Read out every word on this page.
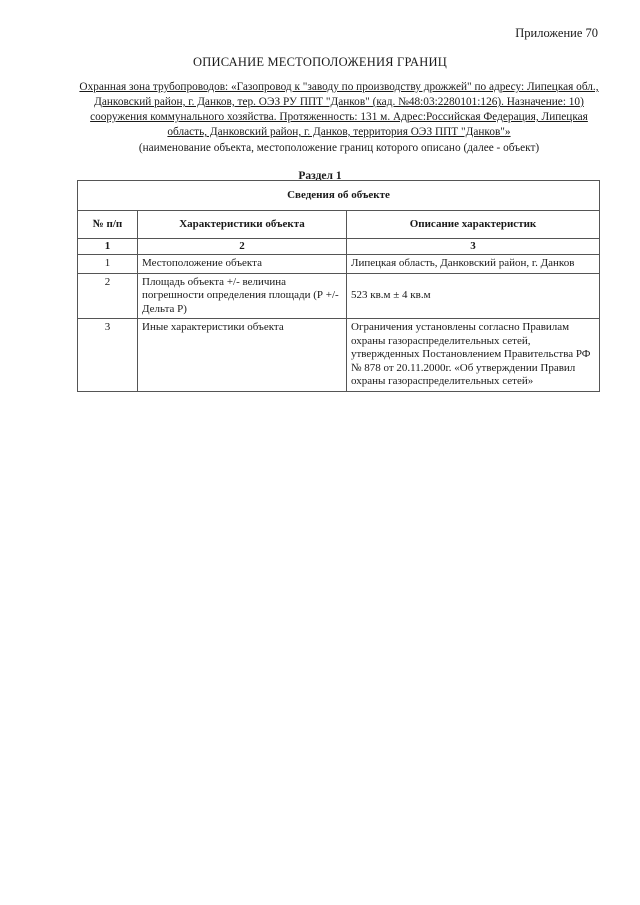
Приложение 70
ОПИСАНИЕ МЕСТОПОЛОЖЕНИЯ ГРАНИЦ
Охранная зона трубопроводов: «Газопровод к "заводу по производству дрожжей" по адресу: Липецкая обл., Данковский район, г. Данков, тер. ОЭЗ РУ ППТ "Данков" (кад. №48:03:2280101:126). Назначение: 10) сооружения коммунального хозяйства. Протяженность: 131 м. Адрес:Российская Федерация, Липецкая область, Данковский район, г. Данков, территория ОЭЗ ППТ "Данков"»
(наименование объекта, местоположение границ которого описано (далее - объект)
Раздел 1
Сведения об объекте		
№ п/п	Характеристики объекта	Описание характеристик
1	2	3
1	Местоположение объекта	Липецкая область, Данковский район, г. Данков
2	Площадь объекта +/- величина погрешности определения площади (Р +/- Дельта Р)	523 кв.м ± 4 кв.м
3	Иные характеристики объекта	Ограничения установлены согласно Правилам охраны газораспределительных сетей, утвержденных Постановлением Правительства РФ № 878 от 20.11.2000г. «Об утверждении Правил охраны газораспределительных сетей»
